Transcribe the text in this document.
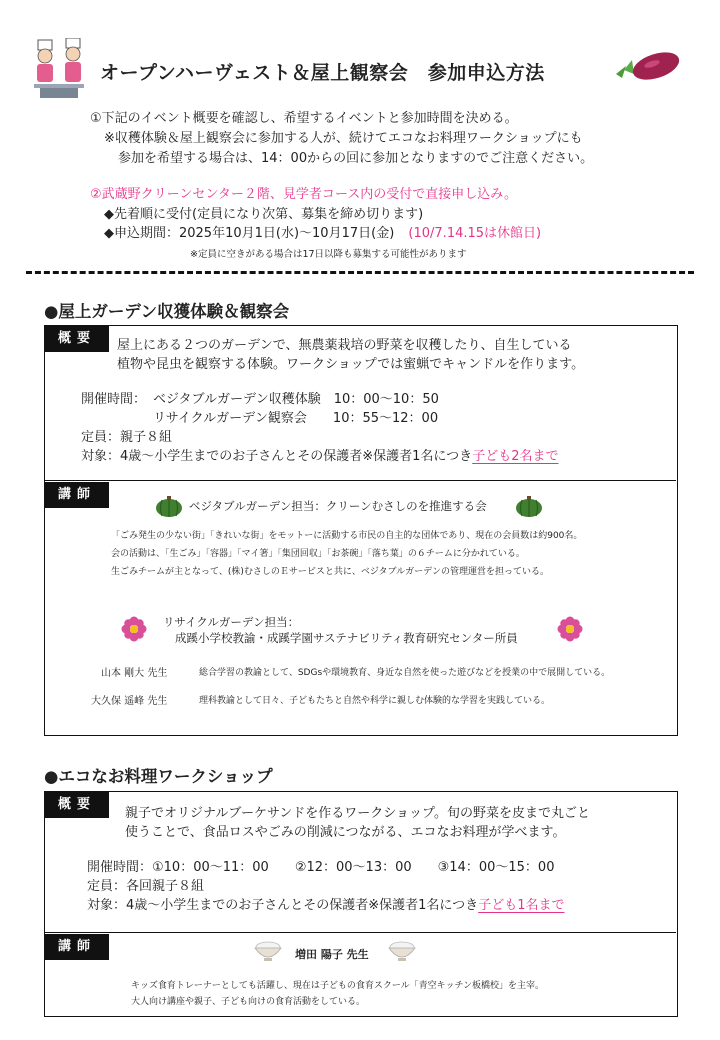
オープンハーヴェスト＆屋上観察会　参加申込方法
①下記のイベント概要を確認し、希望するイベントと参加時間を決める。
※収穫体験＆屋上観察会に参加する人が、続けてエコなお料理ワークショップにも
参加を希望する場合は、14：00からの回に参加となりますのでご注意ください。
②武蔵野クリーンセンター２階、見学者コース内の受付で直接申し込み。
◆先着順に受付(定員になり次第、募集を締め切ります)
◆申込期間：2025年10月1日(水)〜10月17日(金) (10/7.14.15は休館日)
※定員に空きがある場合は17日以降も募集する可能性があります
●屋上ガーデン収獲体験＆観察会
概要	屋上にある２つのガーデンで、無農薬栽培の野菜を収穫したり、自生している
植物や昆虫を観察する体験。ワークショップでは蜜蝋でキャンドルを作ります。
開催時間： ベジタブルガーデン収穫体験　10：00〜10：50
リサイクルガーデン観察会　　10：55〜12：00
定員：親子８組
対象：4歳〜小学生までのお子さんとその保護者※保護者1名につき子ども2名まで
講師
ベジタブルガーデン担当：クリーンむさしのを推進する会
「ごみ発生の少ない街」「きれいな街」をモットーに活動する市民の自主的な団体であり、現在の会員数は約900名。
会の活動は、「生ごみ」「容器」「マイ箸」「集団回収」「お茶碗」「落ち葉」の６チームに分かれている。
生ごみチームが主となって、(株)むさしのＥサービスと共に、ベジタブルガーデンの管理運営を担っている。
リサイクルガーデン担当：
成蹊小学校教諭・成蹊学園サステナビリティ教育研究センター所員
山本 剛大 先生	総合学習の教諭として、SDGsや環境教育、身近な自然を使った遊びなどを授業の中で展開している。
大久保 遥峰 先生	理科教諭として日々、子どもたちと自然や科学に親しむ体験的な学習を実践している。
●エコなお料理ワークショップ
概要
親子でオリジナルブーケサンドを作るワークショップ。旬の野菜を皮まで丸ごと
使うことで、食品ロスやごみの削減につながる、エコなお料理が学べます。
開催時間：①10：00〜11：00　　②12：00〜13：00　　③14：00〜15：00
定員：各回親子８組
対象：4歳〜小学生までのお子さんとその保護者※保護者1名につき子ども1名まで
講師
増田 陽子 先生
キッズ食育トレーナーとしても活躍し、現在は子どもの食育スクール「青空キッチン板橋校」を主宰。
大人向け講座や親子、子ども向けの食育活動をしている。
